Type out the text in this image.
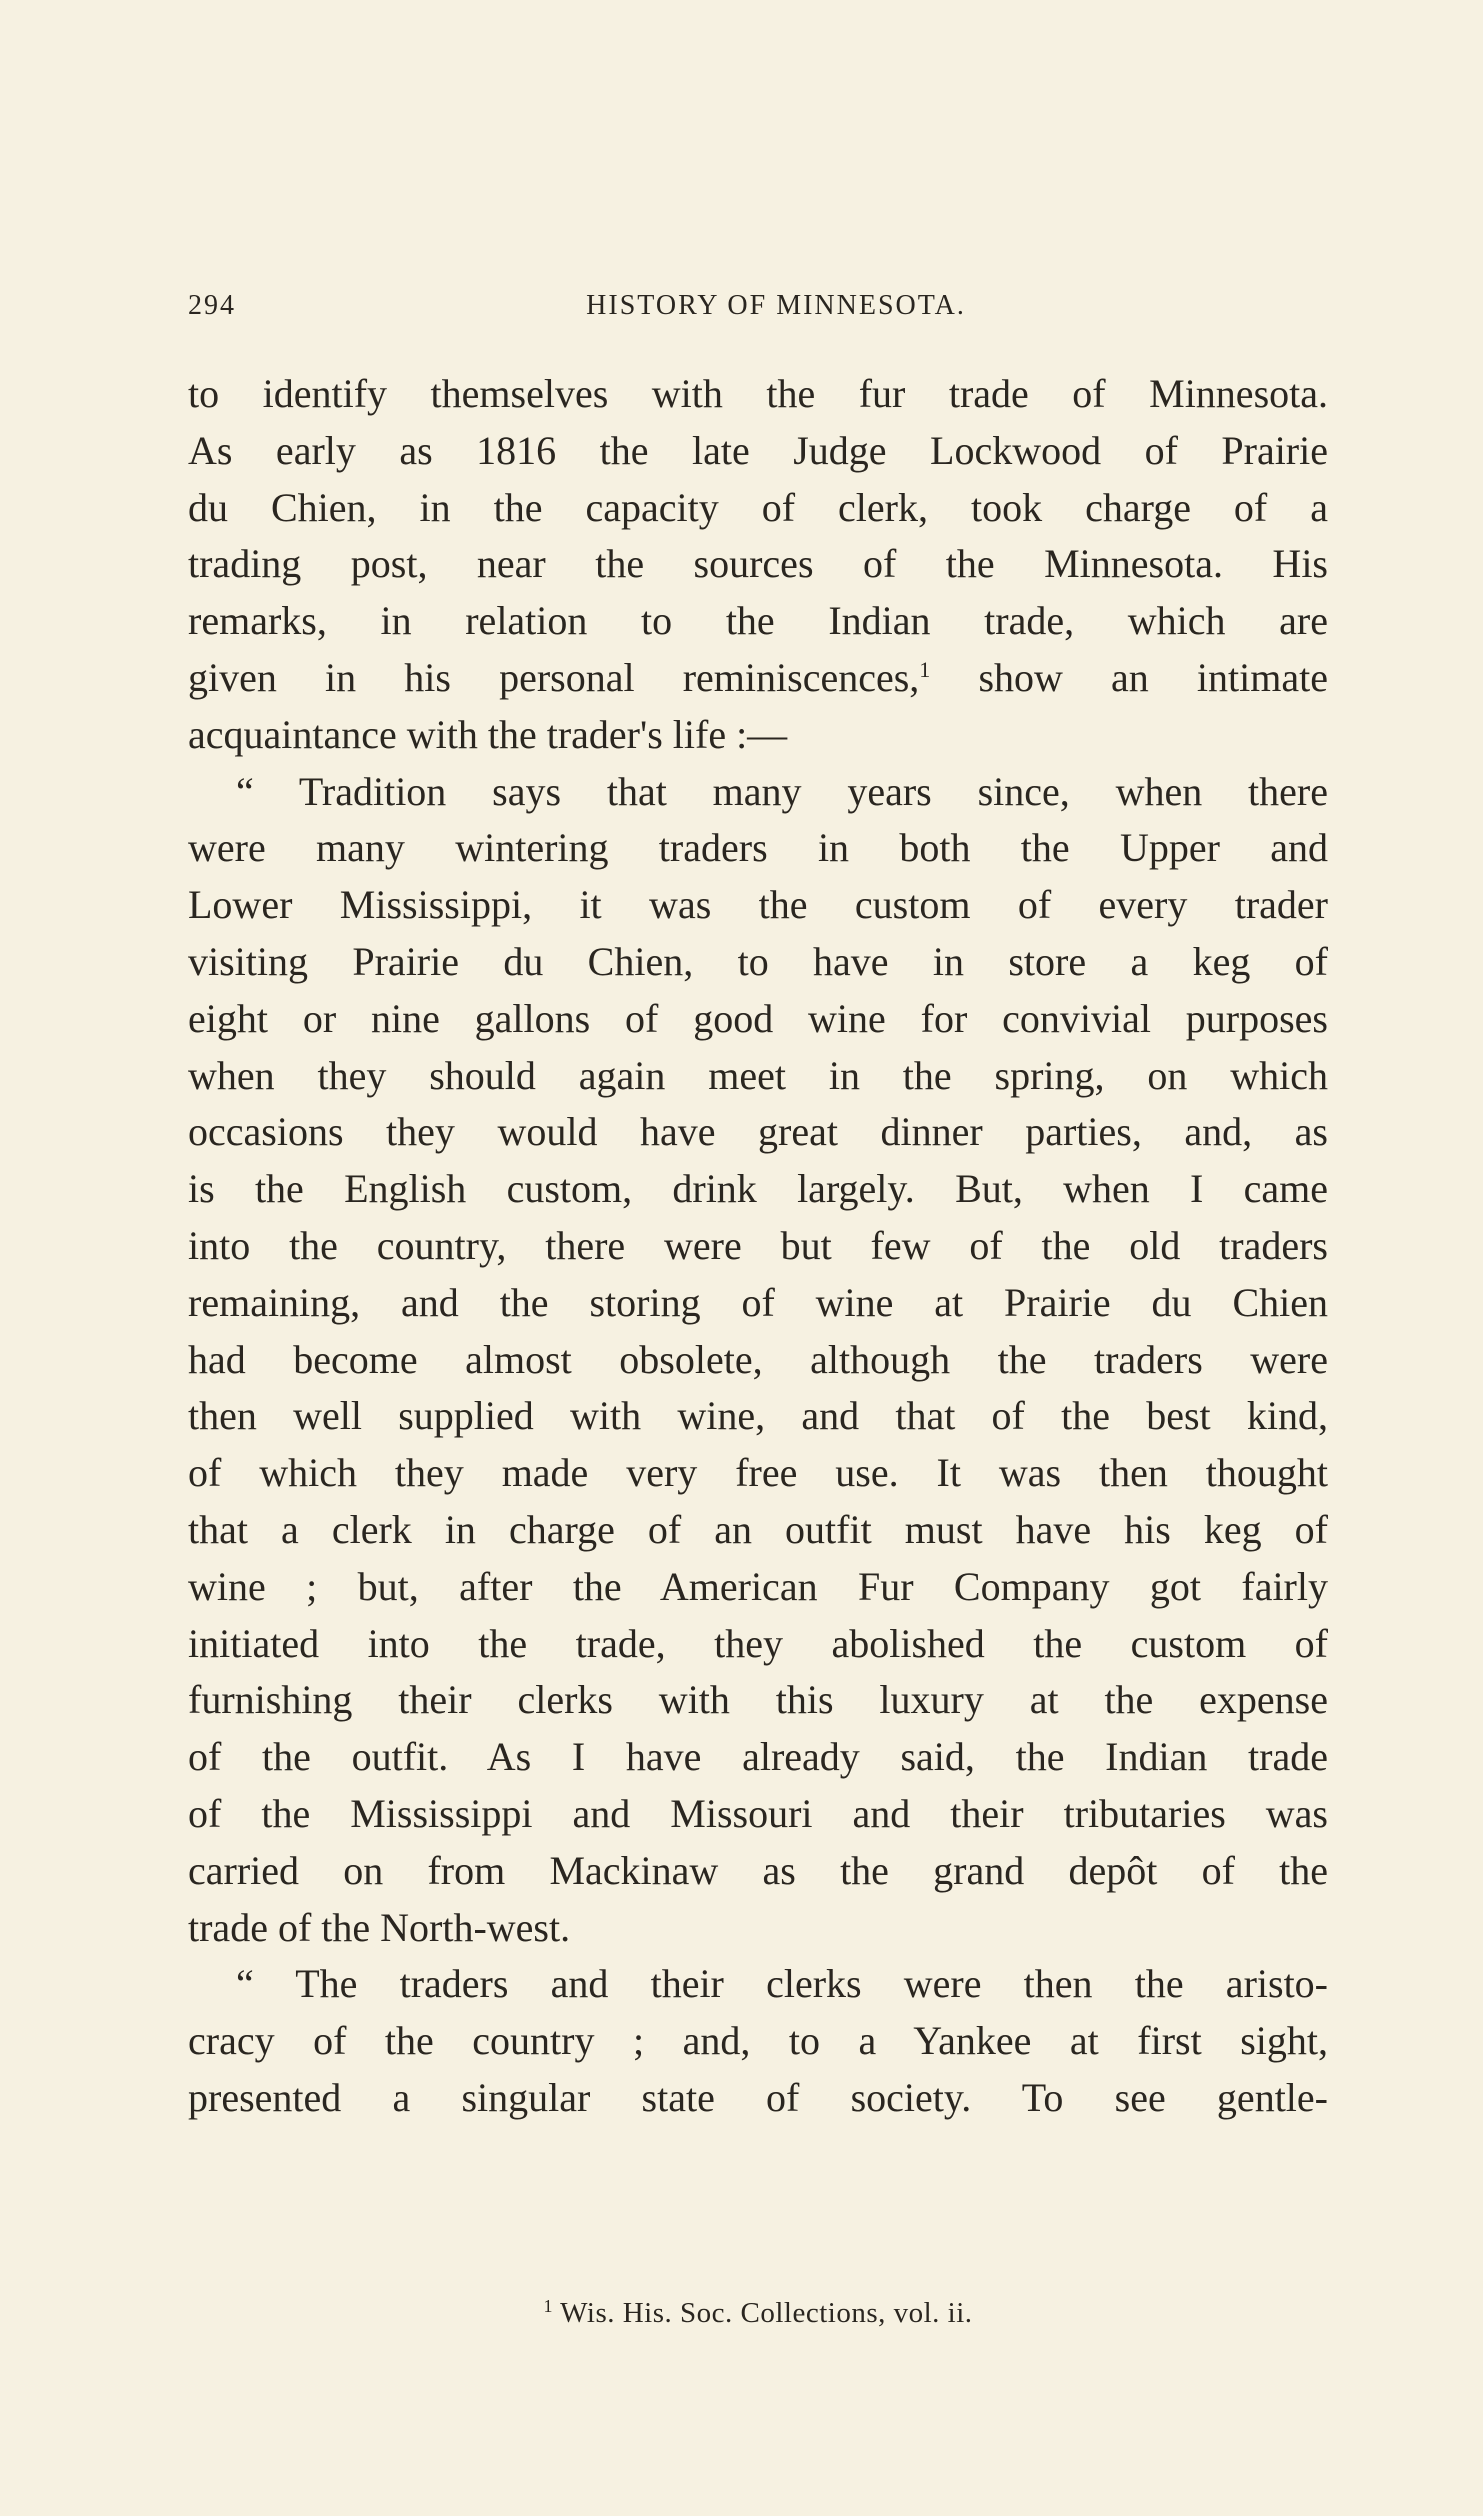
294	HISTORY OF MINNESOTA.
to identify themselves with the fur trade of Minnesota.
As early as 1816 the late Judge Lockwood of Prairie
du Chien, in the capacity of clerk, took charge of a
trading post, near the sources of the Minnesota. His
remarks, in relation to the Indian trade, which are
given in his personal reminiscences,$^1$ show an intimate
acquaintance with the trader's life :—
“ Tradition says that many years since, when there
were many wintering traders in both the Upper and
Lower Mississippi, it was the custom of every trader
visiting Prairie du Chien, to have in store a keg of
eight or nine gallons of good wine for convivial purposes
when they should again meet in the spring, on which
occasions they would have great dinner parties, and, as
is the English custom, drink largely. But, when I came
into the country, there were but few of the old traders
remaining, and the storing of wine at Prairie du Chien
had become almost obsolete, although the traders were
then well supplied with wine, and that of the best kind,
of which they made very free use. It was then thought
that a clerk in charge of an outfit must have his keg of
wine ; but, after the American Fur Company got fairly
initiated into the trade, they abolished the custom of
furnishing their clerks with this luxury at the expense
of the outfit. As I have already said, the Indian trade
of the Mississippi and Missouri and their tributaries was
carried on from Mackinaw as the grand depôt of the
trade of the North-west.
“ The traders and their clerks were then the aristo-
cracy of the country ; and, to a Yankee at first sight,
presented a singular state of society. To see gentle-
$^1$ Wis. His. Soc. Collections, vol. ii.
